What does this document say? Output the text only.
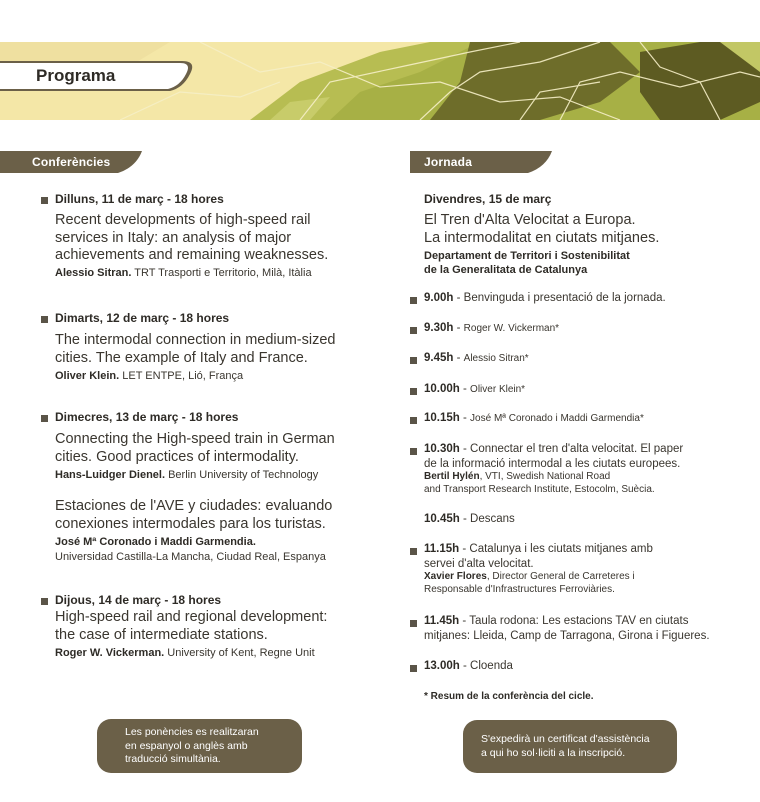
Programa
Conferències	Jornada
Dilluns, 11 de març - 18 hores
Recent developments of high-speed rail
services in Italy: an analysis of major
achievements and remaining weaknesses.
Alessio Sitran. TRT Trasporti e Territorio, Milà, Itàlia
Dimarts, 12 de març - 18 hores
The intermodal connection in medium-sized
cities. The example of Italy and France.
Oliver Klein. LET ENTPE, Lió, França
Dimecres, 13 de març - 18 hores
Connecting the High-speed train in German
cities. Good practices of intermodality.
Hans-Luidger Dienel. Berlin University of Technology
Estaciones de l'AVE y ciudades: evaluando
conexiones intermodales para los turistas.
José Mª Coronado i Maddi Garmendia.
Universidad Castilla-La Mancha, Ciudad Real, Espanya
Dijous, 14 de març - 18 hores
High-speed rail and regional development:
the case of intermediate stations.
Roger W. Vickerman. University of Kent, Regne Unit
Les ponències es realitzaran
en espanyol o anglès amb
traducció simultània.
Divendres, 15 de març
El Tren d'Alta Velocitat a Europa.
La intermodalitat en ciutats mitjanes.
Departament de Territori i Sostenibilitat
de la Generalitata de Catalunya
9.00h - Benvinguda i presentació de la jornada.
9.30h - Roger W. Vickerman*
9.45h - Alessio Sitran*
10.00h - Oliver Klein*
10.15h - José Mª Coronado i Maddi Garmendia*
10.30h - Connectar el tren d'alta velocitat. El paper
de la informació intermodal a les ciutats europees.
Bertil Hylén, VTI, Swedish National Road
and Transport Research Institute, Estocolm, Suècia.
10.45h - Descans
11.15h - Catalunya i les ciutats mitjanes amb
servei d'alta velocitat.
Xavier Flores, Director General de Carreteres i
Responsable d'Infrastructures Ferroviàries.
11.45h - Taula rodona: Les estacions TAV en ciutats
mitjanes: Lleida, Camp de Tarragona, Girona i Figueres.
13.00h - Cloenda
* Resum de la conferència del cicle.
S'expedirà un certificat d'assistència
a qui ho sol·liciti a la inscripció.
